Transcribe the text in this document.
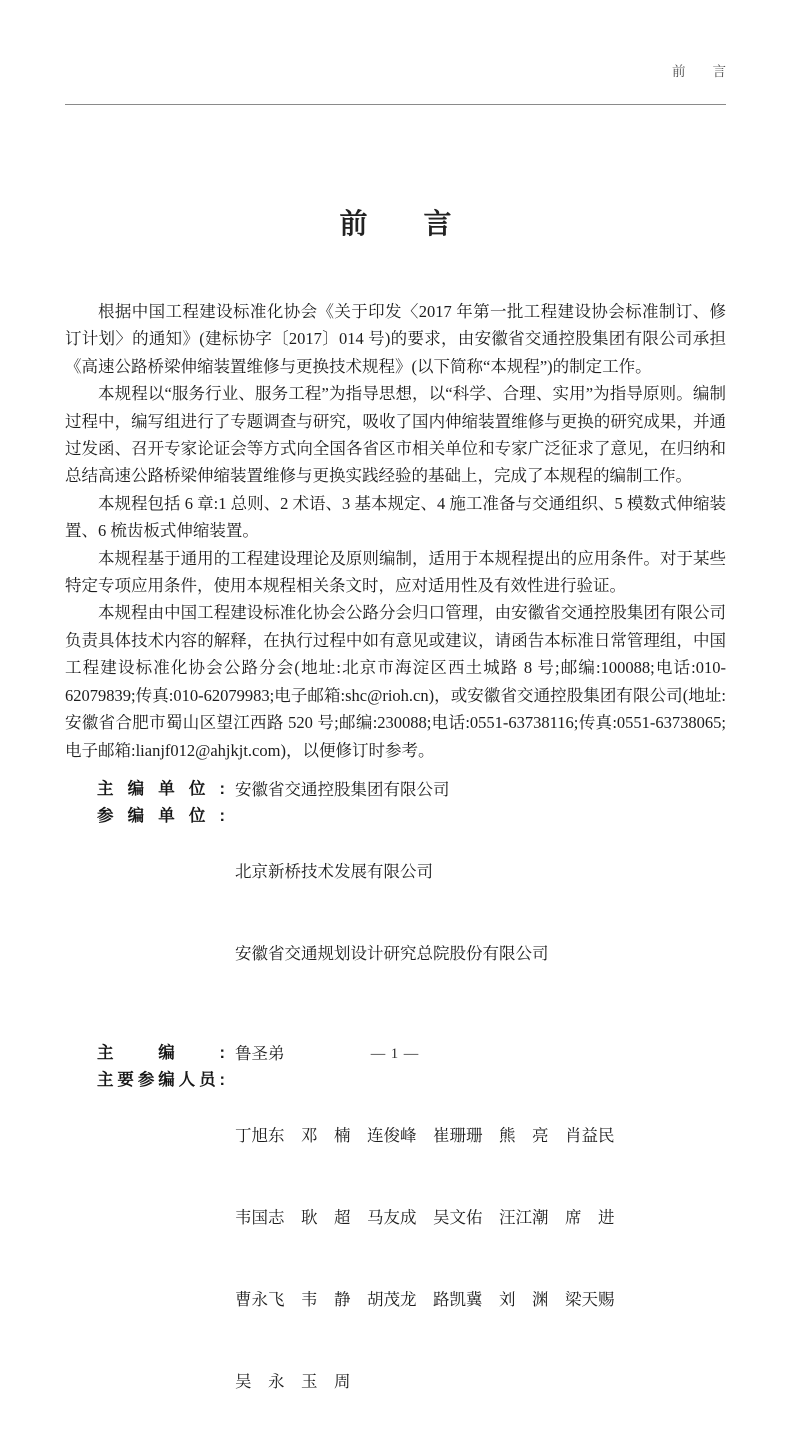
前　　言

前　　言

根据中国工程建设标准化协会《关于印发〈2017 年第一批工程建设协会标准制订、修订计划〉的通知》(建标协字〔2017〕014 号)的要求，由安徽省交通控股集团有限公司承担《高速公路桥梁伸缩装置维修与更换技术规程》(以下简称“本规程”)的制定工作。

本规程以“服务行业、服务工程”为指导思想，以“科学、合理、实用”为指导原则。编制过程中，编写组进行了专题调查与研究，吸收了国内伸缩装置维修与更换的研究成果，并通过发函、召开专家论证会等方式向全国各省区市相关单位和专家广泛征求了意见，在归纳和总结高速公路桥梁伸缩装置维修与更换实践经验的基础上，完成了本规程的编制工作。

本规程包括 6 章:1 总则、2 术语、3 基本规定、4 施工准备与交通组织、5 模数式伸缩装置、6 梳齿板式伸缩装置。

本规程基于通用的工程建设理论及原则编制，适用于本规程提出的应用条件。对于某些特定专项应用条件，使用本规程相关条文时，应对适用性及有效性进行验证。

本规程由中国工程建设标准化协会公路分会归口管理，由安徽省交通控股集团有限公司负责具体技术内容的解释，在执行过程中如有意见或建议，请函告本标准日常管理组，中国工程建设标准化协会公路分会(地址:北京市海淀区西土城路 8 号;邮编:100088;电话:010-62079839;传真:010-62079983;电子邮箱:shc@rioh.cn)，或安徽省交通控股集团有限公司(地址:安徽省合肥市蜀山区望江西路 520 号;邮编:230088;电话:0551-63738116;传真:0551-63738065;电子邮箱:lianjf012@ahjkjt.com)，以便修订时参考。

主编单位: 安徽省交通控股集团有限公司
参编单位:

北京新桥技术发展有限公司

安徽省交通规划设计研究总院股份有限公司

主编: 鲁圣弟
主要参编人员:

丁旭东　邓　楠　连俊峰　崔珊珊　熊　亮　肖益民

韦国志　耿　超　马友成　吴文佑　汪江潮　席　进

曹永飞　韦　静　胡茂龙　路凯冀　刘　渊　梁天赐

吴　永　玉　周

— 1 —
